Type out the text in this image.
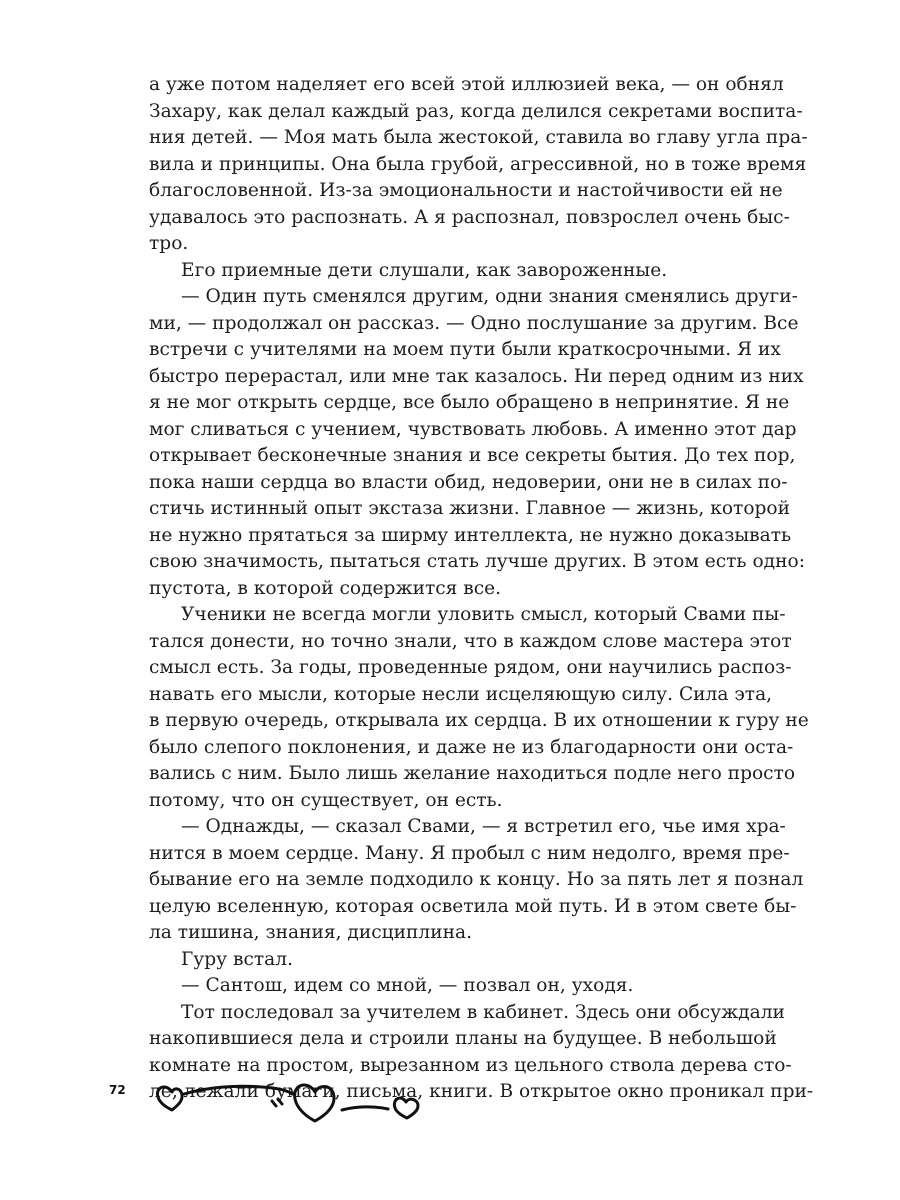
а уже потом наделяет его всей этой иллюзией века, — он обнял
Захару, как делал каждый раз, когда делился секретами воспита-
ния детей. — Моя мать была жестокой, ставила во главу угла пра-
вила и принципы. Она была грубой, агрессивной, но в тоже время
благословенной. Из-за эмоциональности и настойчивости ей не
удавалось это распознать. А я распознал, повзрослел очень быс-
тро.
Его приемные дети слушали, как завороженные.
— Один путь сменялся другим, одни знания сменялись други-
ми, — продолжал он рассказ. — Одно послушание за другим. Все
встречи с учителями на моем пути были краткосрочными. Я их
быстро перерастал, или мне так казалось. Ни перед одним из них
я не мог открыть сердце, все было обращено в непринятие. Я не
мог сливаться с учением, чувствовать любовь. А именно этот дар
открывает бесконечные знания и все секреты бытия. До тех пор,
пока наши сердца во власти обид, недоверии, они не в силах по-
стичь истинный опыт экстаза жизни. Главное — жизнь, которой
не нужно прятаться за ширму интеллекта, не нужно доказывать
свою значимость, пытаться стать лучше других. В этом есть одно:
пустота, в которой содержится все.
Ученики не всегда могли уловить смысл, который Свами пы-
тался донести, но точно знали, что в каждом слове мастера этот
смысл есть. За годы, проведенные рядом, они научились распоз-
навать его мысли, которые несли исцеляющую силу. Сила эта,
в первую очередь, открывала их сердца. В их отношении к гуру не
было слепого поклонения, и даже не из благодарности они оста-
вались с ним. Было лишь желание находиться подле него просто
потому, что он существует, он есть.
— Однажды, — сказал Свами, — я встретил его, чье имя хра-
нится в моем сердце. Ману. Я пробыл с ним недолго, время пре-
бывание его на земле подходило к концу. Но за пять лет я познал
целую вселенную, которая осветила мой путь. И в этом свете бы-
ла тишина, знания, дисциплина.
Гуру встал.
— Сантош, идем со мной, — позвал он, уходя.
Тот последовал за учителем в кабинет. Здесь они обсуждали
накопившиеся дела и строили планы на будущее. В небольшой
комнате на простом, вырезанном из цельного ствола дерева сто-
ле, лежали бумаги, письма, книги. В открытое окно проникал при-
72
